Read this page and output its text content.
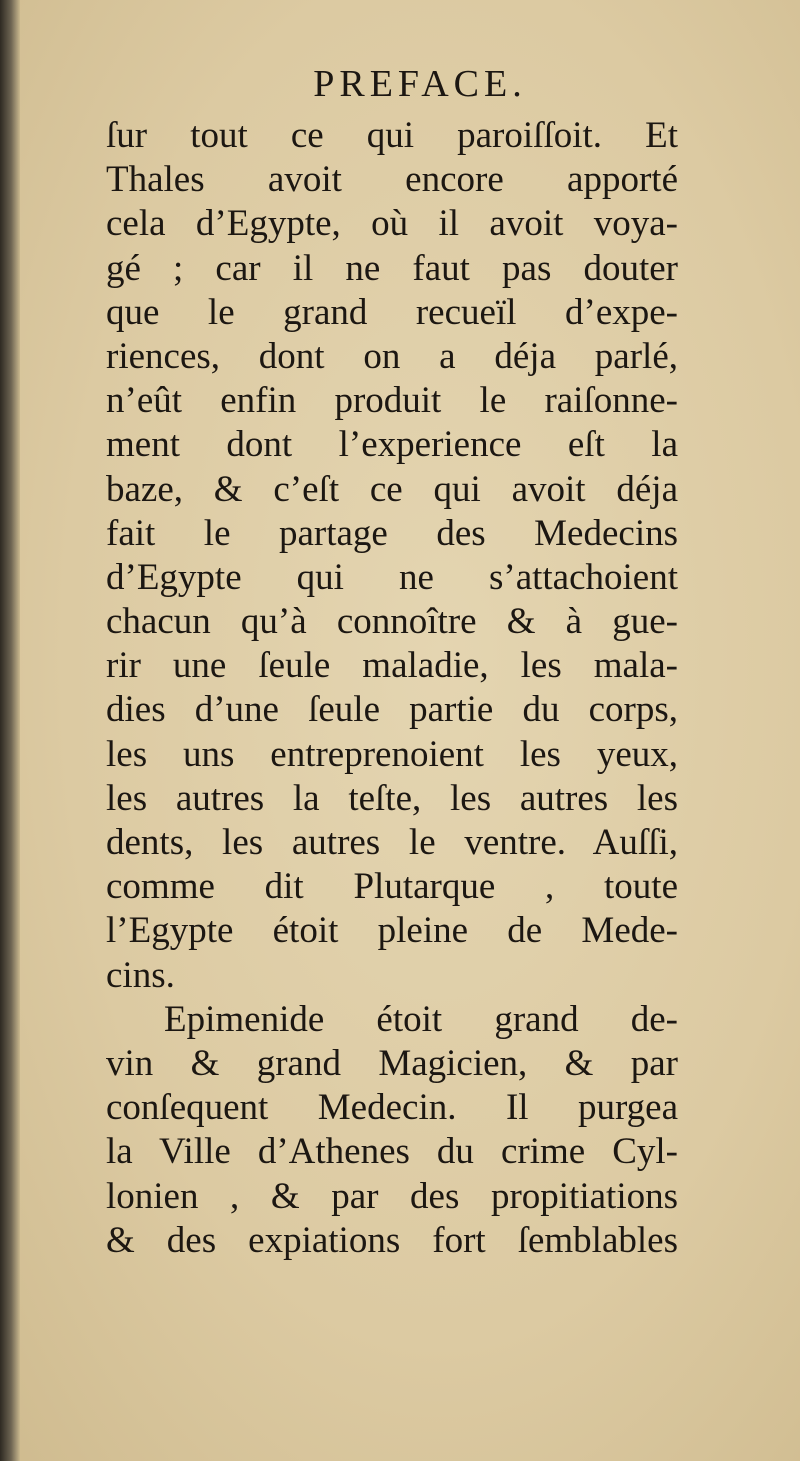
PREFACE.
ſur tout ce qui paroiſſoit. Et
Thales avoit encore apporté
cela d’Egypte, où il avoit voya-
gé ; car il ne faut pas douter
que le grand recueïl d’expe-
riences, dont on a déja parlé,
n’eût enfin produit le raiſonne-
ment dont l’experience eſt la
baze, & c’eſt ce qui avoit déja
fait le partage des Medecins
d’Egypte qui ne s’attachoient
chacun qu’à connoître & à gue-
rir une ſeule maladie, les mala-
dies d’une ſeule partie du corps,
les uns entreprenoient les yeux,
les autres la teſte, les autres les
dents, les autres le ventre. Auſſi,
comme dit Plutarque , toute
l’Egypte étoit pleine de Mede-
cins.
Epimenide étoit grand de-
vin & grand Magicien, & par
conſequent Medecin. Il purgea
la Ville d’Athenes du crime Cyl-
lonien , & par des propitiations
& des expiations fort ſemblables
